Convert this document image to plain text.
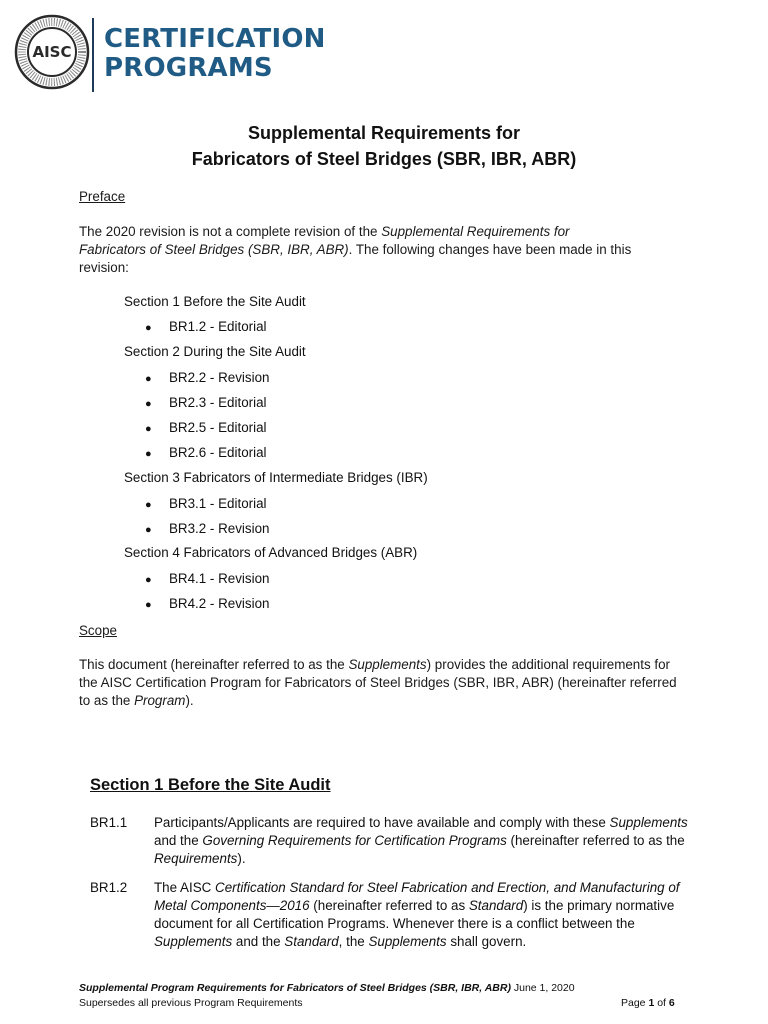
AISC CERTIFICATION
PROGRAMS
Supplemental Requirements for
Fabricators of Steel Bridges (SBR, IBR, ABR)
Preface
The 2020 revision is not a complete revision of the Supplemental Requirements for
Fabricators of Steel Bridges (SBR, IBR, ABR). The following changes have been made in this
revision:
Section 1 Before the Site Audit
● BR1.2 - Editorial
Section 2 During the Site Audit
● BR2.2 - Revision
● BR2.3 - Editorial
● BR2.5 - Editorial
● BR2.6 - Editorial
Section 3 Fabricators of Intermediate Bridges (IBR)
● BR3.1 - Editorial
● BR3.2 - Revision
Section 4 Fabricators of Advanced Bridges (ABR)
● BR4.1 - Revision
● BR4.2 - Revision
Scope
This document (hereinafter referred to as the Supplements) provides the additional requirements for
the AISC Certification Program for Fabricators of Steel Bridges (SBR, IBR, ABR) (hereinafter referred
to as the Program).
Section 1 Before the Site Audit
BR1.1 Participants/Applicants are required to have available and comply with these Supplements
and the Governing Requirements for Certification Programs (hereinafter referred to as the
Requirements).
BR1.2 The AISC Certification Standard for Steel Fabrication and Erection, and Manufacturing of
Metal Components—2016 (hereinafter referred to as Standard) is the primary normative
document for all Certification Programs. Whenever there is a conflict between the
Supplements and the Standard, the Supplements shall govern.
Supplemental Program Requirements for Fabricators of Steel Bridges (SBR, IBR, ABR) June 1, 2020
Supersedes all previous Program Requirements	Page 1 of 6
